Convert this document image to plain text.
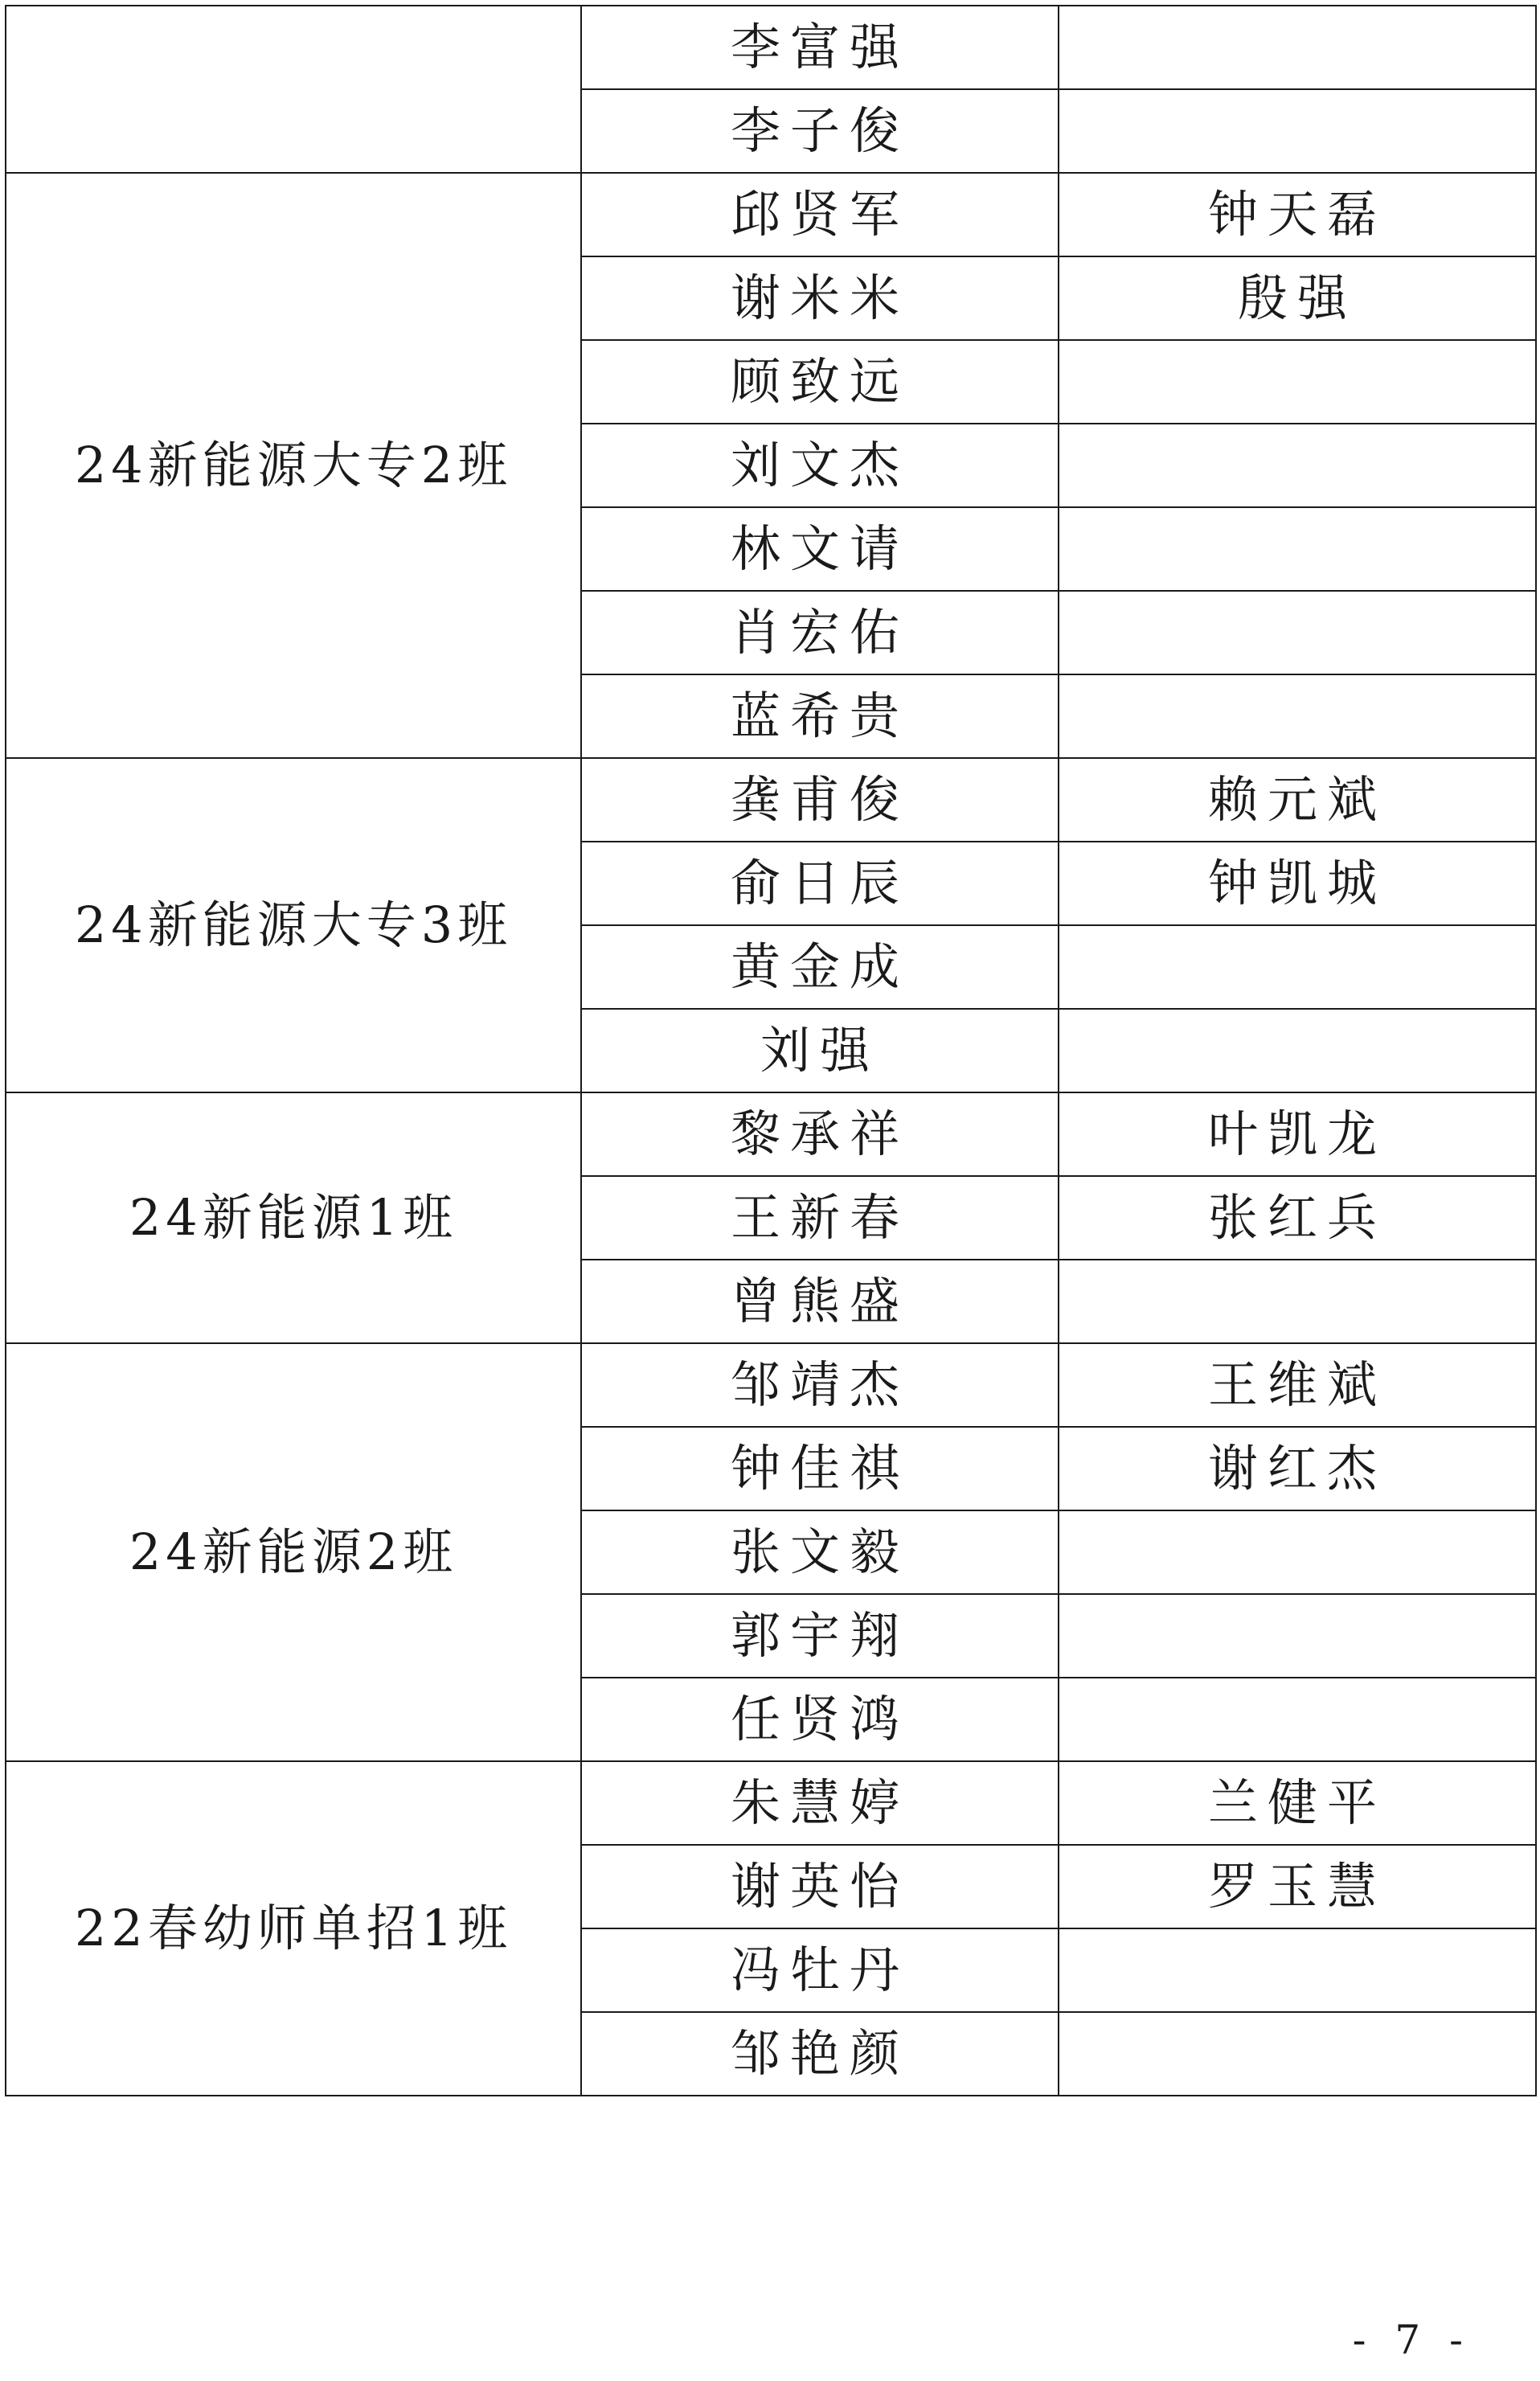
	李富强	
	李子俊	
24新能源大专2班	邱贤军	钟天磊
	谢米米	殷强
	顾致远	
	刘文杰	
	林文请	
	肖宏佑	
	蓝希贵	
24新能源大专3班	龚甫俊	赖元斌
	俞日辰	钟凯城
	黄金成	
	刘强	
24新能源1班	黎承祥	叶凯龙
	王新春	张红兵
	曾熊盛	
24新能源2班	邹靖杰	王维斌
	钟佳祺	谢红杰
	张文毅	
	郭宇翔	
	任贤鸿	
22春幼师单招1班	朱慧婷	兰健平
	谢英怡	罗玉慧
	冯牡丹	
	邹艳颜	
- 7 -
